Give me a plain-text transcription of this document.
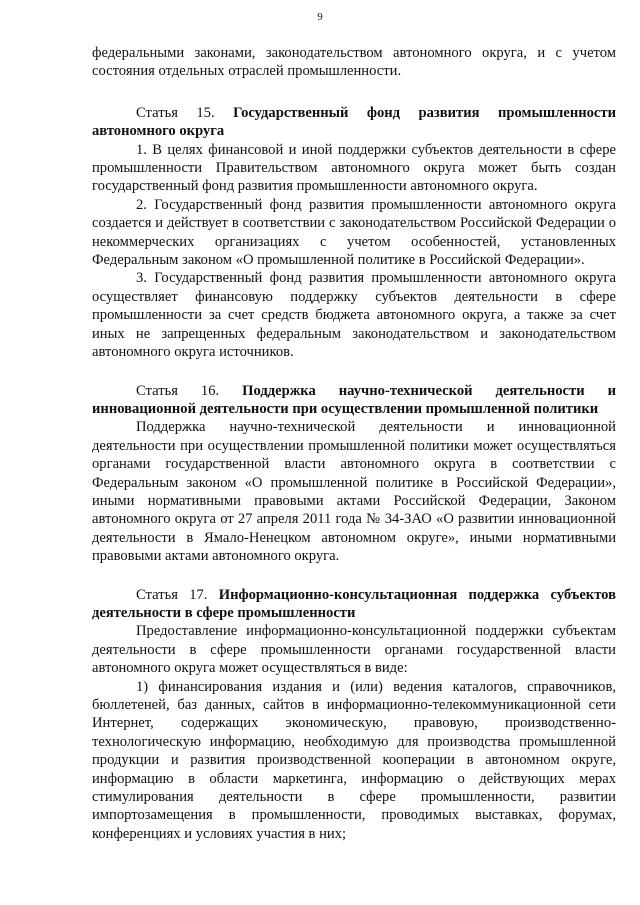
9

федеральными законами, законодательством автономного округа, и с учетом состояния отдельных отраслей промышленности.

Статья 15. Государственный фонд развития промышленности автономного округа

1. В целях финансовой и иной поддержки субъектов деятельности в сфере промышленности Правительством автономного округа может быть создан государственный фонд развития промышленности автономного округа.

2. Государственный фонд развития промышленности автономного округа создается и действует в соответствии с законодательством Российской Федерации о некоммерческих организациях с учетом особенностей, установленных Федеральным законом «О промышленной политике в Российской Федерации».

3. Государственный фонд развития промышленности автономного округа осуществляет финансовую поддержку субъектов деятельности в сфере промышленности за счет средств бюджета автономного округа, а также за счет иных не запрещенных федеральным законодательством и законодательством автономного округа источников.

Статья 16. Поддержка научно-технической деятельности и инновационной деятельности при осуществлении промышленной политики

Поддержка научно-технической деятельности и инновационной деятельности при осуществлении промышленной политики может осуществляться органами государственной власти автономного округа в соответствии с Федеральным законом «О промышленной политике в Российской Федерации», иными нормативными правовыми актами Российской Федерации, Законом автономного округа от 27 апреля 2011 года № 34-ЗАО «О развитии инновационной деятельности в Ямало-Ненецком автономном округе», иными нормативными правовыми актами автономного округа.

Статья 17. Информационно-консультационная поддержка субъектов деятельности в сфере промышленности

Предоставление информационно-консультационной поддержки субъектам деятельности в сфере промышленности органами государственной власти автономного округа может осуществляться в виде:

1) финансирования издания и (или) ведения каталогов, справочников, бюллетеней, баз данных, сайтов в информационно-телекоммуникационной сети Интернет, содержащих экономическую, правовую, производственно-технологическую информацию, необходимую для производства промышленной продукции и развития производственной кооперации в автономном округе, информацию в области маркетинга, информацию о действующих мерах стимулирования деятельности в сфере промышленности, развитии импортозамещения в промышленности, проводимых выставках, форумах, конференциях и условиях участия в них;
